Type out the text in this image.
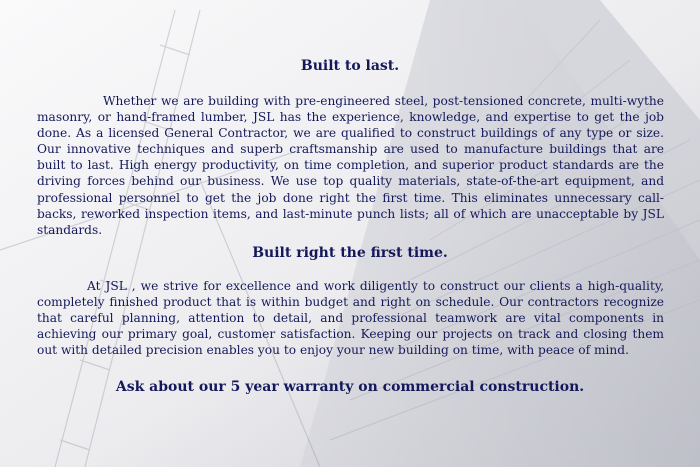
Built to last.

Whether we are building with pre-engineered steel, post-tensioned concrete, multi-wythe masonry, or hand-framed lumber, JSL has the experience, knowledge, and expertise to get the job done. As a licensed General Contractor, we are qualified to construct buildings of any type or size. Our innovative techniques and superb craftsmanship are used to manufacture buildings that are built to last. High energy productivity, on time completion, and superior product standards are the driving forces behind our business. We use top quality materials, state-of-the-art equipment, and professional personnel to get the job done right the first time. This eliminates unnecessary call-backs, reworked inspection items, and last-minute punch lists; all of which are unacceptable by JSL standards.

Built right the first time.

At JSL , we strive for excellence and work diligently to construct our clients a high-quality, completely finished product that is within budget and right on schedule. Our contractors recognize that careful planning, attention to detail, and professional teamwork are vital components in achieving our primary goal, customer satisfaction. Keeping our projects on track and closing them out with detailed precision enables you to enjoy your new building on time, with peace of mind.

Ask about our 5 year warranty on commercial construction.
